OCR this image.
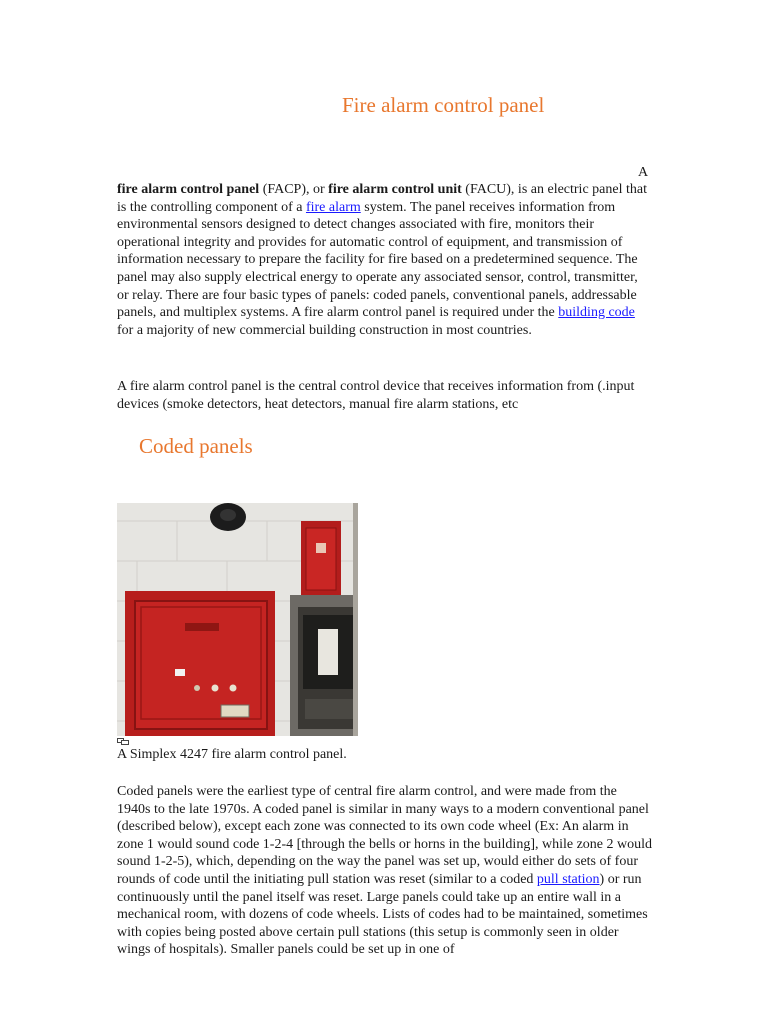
Fire alarm control panel
A

fire alarm control panel (FACP), or fire alarm control unit (FACU), is an electric panel that is the controlling component of a fire alarm system. The panel receives information from environmental sensors designed to detect changes associated with fire, monitors their operational integrity and provides for automatic control of equipment, and transmission of information necessary to prepare the facility for fire based on a predetermined sequence. The panel may also supply electrical energy to operate any associated sensor, control, transmitter, or relay. There are four basic types of panels: coded panels, conventional panels, addressable panels, and multiplex systems. A fire alarm control panel is required under the building code for a majority of new commercial building construction in most countries.

A fire alarm control panel is the central control device that receives information from (.input devices (smoke detectors, heat detectors, manual fire alarm stations, etc

Coded panels

A Simplex 4247 fire alarm control panel.

Coded panels were the earliest type of central fire alarm control, and were made from the 1940s to the late 1970s. A coded panel is similar in many ways to a modern conventional panel (described below), except each zone was connected to its own code wheel (Ex: An alarm in zone 1 would sound code 1-2-4 [through the bells or horns in the building], while zone 2 would sound 1-2-5), which, depending on the way the panel was set up, would either do sets of four rounds of code until the initiating pull station was reset (similar to a coded pull station) or run continuously until the panel itself was reset. Large panels could take up an entire wall in a mechanical room, with dozens of code wheels. Lists of codes had to be maintained, sometimes with copies being posted above certain pull stations (this setup is commonly seen in older wings of hospitals). Smaller panels could be set up in one of
